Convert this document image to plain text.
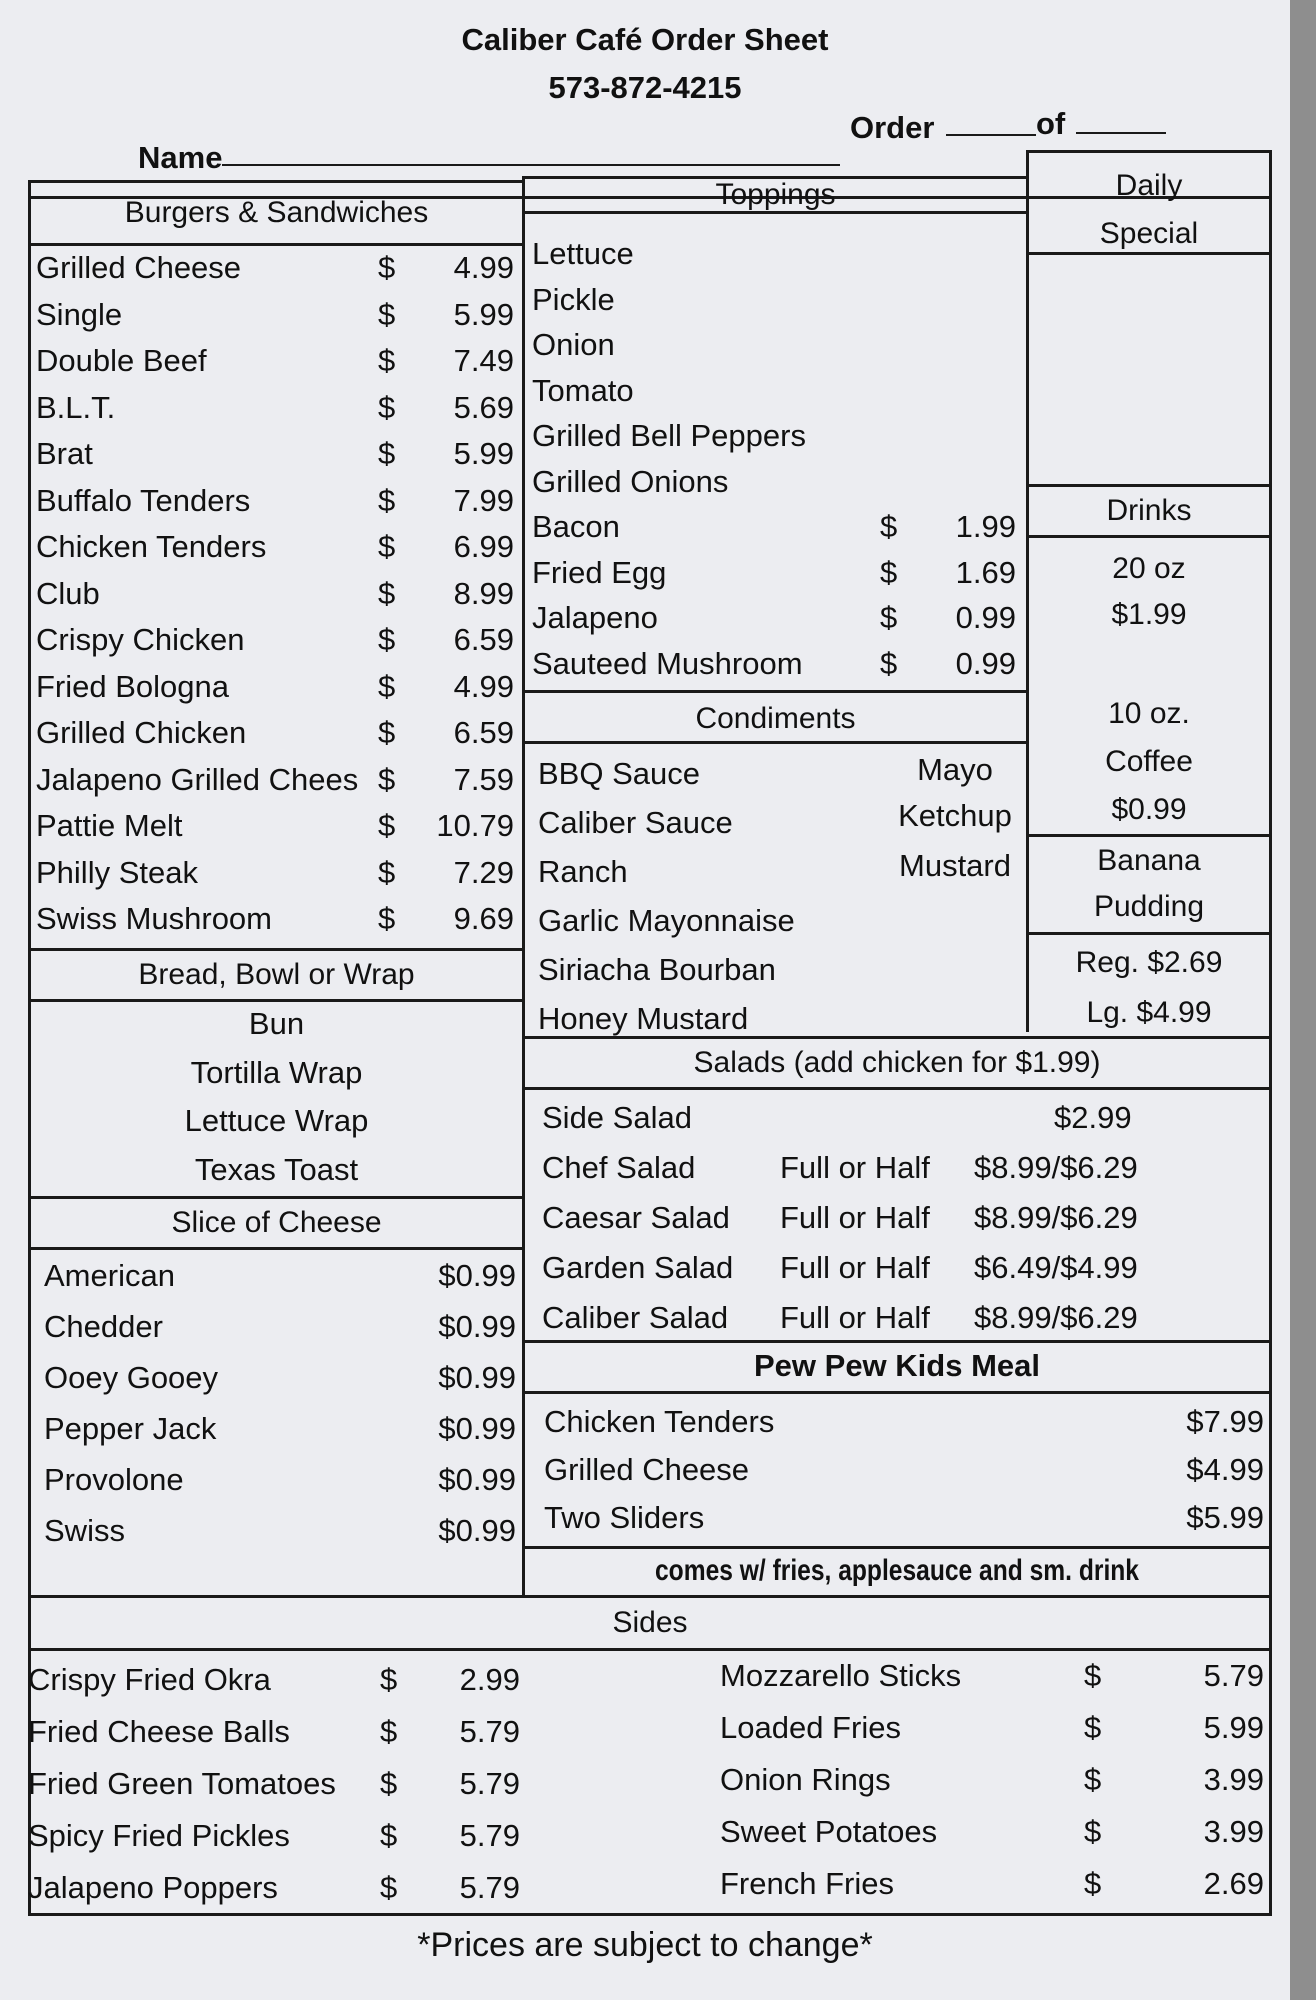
Caliber Café Order Sheet
573-872-4215
Name
Order	of
Burgers & Sandwiches
Grilled Cheese	$	4.99
Single	$	5.99
Double Beef	$	7.49
B.L.T.	$	5.69
Brat	$	5.99
Buffalo Tenders	$	7.99
Chicken Tenders	$	6.99
Club	$	8.99
Crispy Chicken	$	6.59
Fried Bologna	$	4.99
Grilled Chicken	$	6.59
Jalapeno Grilled Chees $	7.59
Pattie Melt	$	10.79
Philly Steak	$	7.29
Swiss Mushroom	$	9.69
Toppings
Lettuce
Pickle
Onion
Tomato
Grilled Bell Peppers
Grilled Onions
Bacon	$	1.99
Fried Egg	$	1.69
Jalapeno	$	0.99
Sauteed Mushroom $	0.99
Daily
Special
Drinks
20 oz
$1.99
10 oz.
Coffee
$0.99
Banana
Pudding
Reg. $2.69
Lg. $4.99
Condiments
BBQ Sauce	Mayo
Caliber Sauce	Ketchup
Ranch	Mustard
Garlic Mayonnaise
Siriacha Bourban
Honey Mustard
Bread, Bowl or Wrap
Bun
Tortilla Wrap
Lettuce Wrap
Texas Toast
Slice of Cheese
American	$0.99
Chedder	$0.99
Ooey Gooey	$0.99
Pepper Jack	$0.99
Provolone	$0.99
Swiss	$0.99
Salads (add chicken for $1.99)
Side Salad	$2.99
Chef Salad	Full or Half $8.99/$6.29
Caesar Salad Full or Half $8.99/$6.29
Garden Salad Full or Half $6.49/$4.99
Caliber Salad Full or Half $8.99/$6.29
Pew Pew Kids Meal
Chicken Tenders	$7.99
Grilled Cheese	$4.99
Two Sliders	$5.99
comes w/ fries, applesauce and sm. drink
Sides
Crispy Fried Okra	$	2.99
Fried Cheese Balls	$	5.79
Fried Green Tomatoes $	5.79
Spicy Fried Pickles	$	5.79
Jalapeno Poppers	$	5.79
Mozzarello Sticks	$	5.79
Loaded Fries	$	5.99
Onion Rings	$	3.99
Sweet Potatoes	$	3.99
French Fries	$	2.69
*Prices are subject to change*
